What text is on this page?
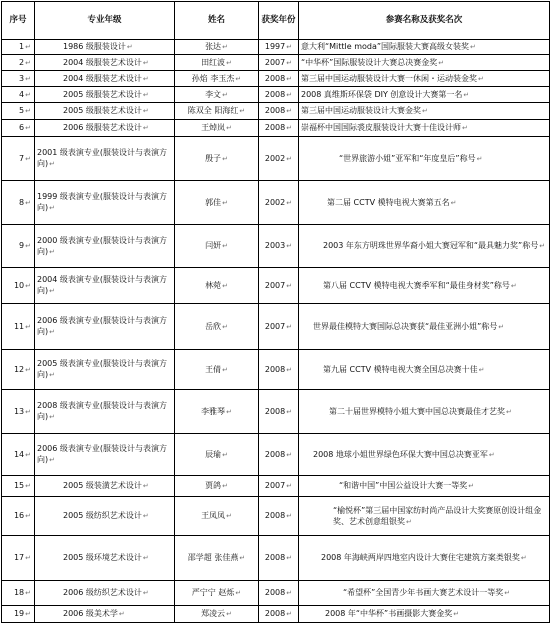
序号	专业年级	姓名	获奖年份	参赛名称及获奖名次
1↵	1986 级服装设计↵	张达↵	1997↵	意大利“Mittle moda”国际服装大赛高级女装奖↵
2↵	2004 级服装艺术设计↵	田红波↵	2007↵	“中华杯”国际服装设计大赛总决赛金奖↵
3↵	2004 级服装艺术设计↵	孙焰 李玉杰↵	2008↵	第三届中国运动服装设计大赛一休闲・运动装金奖↵
4↵	2005 级服装艺术设计↵	李文↵	2008↵	2008 真维斯环保袋 DIY 创意设计大赛第一名↵
5↵	2005 级服装艺术设计↵	陈双全 阳海红↵	2008↵	第三届中国运动服装设计大赛金奖↵
6↵	2006 级服装艺术设计↵	王焯岚↵	2008↵	崇福杯中国国际裘皮服装设计大赛十佳设计师↵
7↵	2001 级表演专业(服装设计与表演方向)↵	殷子↵	2002↵	“世界旅游小姐”亚军和“年度皇后”称号↵
8↵	1999 级表演专业(服装设计与表演方向)↵	郭佳↵	2002↵	第二届 CCTV 模特电视大赛第五名↵
9↵	2000 级表演专业(服装设计与表演方向)↵	闫妍↵	2003↵	2003 年东方明珠世界华裔小姐大赛冠军和“最具魅力奖”称号↵
10↵	2004 级表演专业(服装设计与表演方向)↵	林菀↵	2007↵	第八届 CCTV 模特电视大赛季军和“最佳身材奖”称号↵
11↵	2006 级表演专业(服装设计与表演方向)↵	岳欣↵	2007↵	世界最佳模特大赛国际总决赛获“最佳亚洲小姐”称号↵
12↵	2005 级表演专业(服装设计与表演方向)↵	王倩↵	2008↵	第九届 CCTV 模特电视大赛全国总决赛十佳↵
13↵	2008 级表演专业(服装设计与表演方向)↵	李雅琴↵	2008↵	第二十届世界模特小姐大赛中国总决赛最佳才艺奖↵
14↵	2006 级表演专业(服装设计与表演方向)↵	辰瑜↵	2008↵	2008 地球小姐世界绿色环保大赛中国总决赛亚军↵
15↵	2005 级装潢艺术设计↵	贾鸽↵	2007↵	“和谐中国”中国公益设计大赛一等奖↵
16↵	2005 级纺织艺术设计↵	王凤凤↵	2008↵	“榆悦杯”第三届中国家纺时尚产品设计大奖赛原创设计组金奖、艺术创意组银奖↵
17↵	2005 级环境艺术设计↵	邵学超 张佳燕↵	2008↵	2008 年海峡两岸四地室内设计大赛住宅建筑方案类银奖↵
18↵	2006 级纺织艺术设计↵	严宁宁 赵烁↵	2008↵	“希望杯”全国青少年书画大赛艺术设计一等奖↵
19↵	2006 级美术学↵	郑凌云↵	2008↵	2008 年“中华杯”书画摄影大赛金奖↵
